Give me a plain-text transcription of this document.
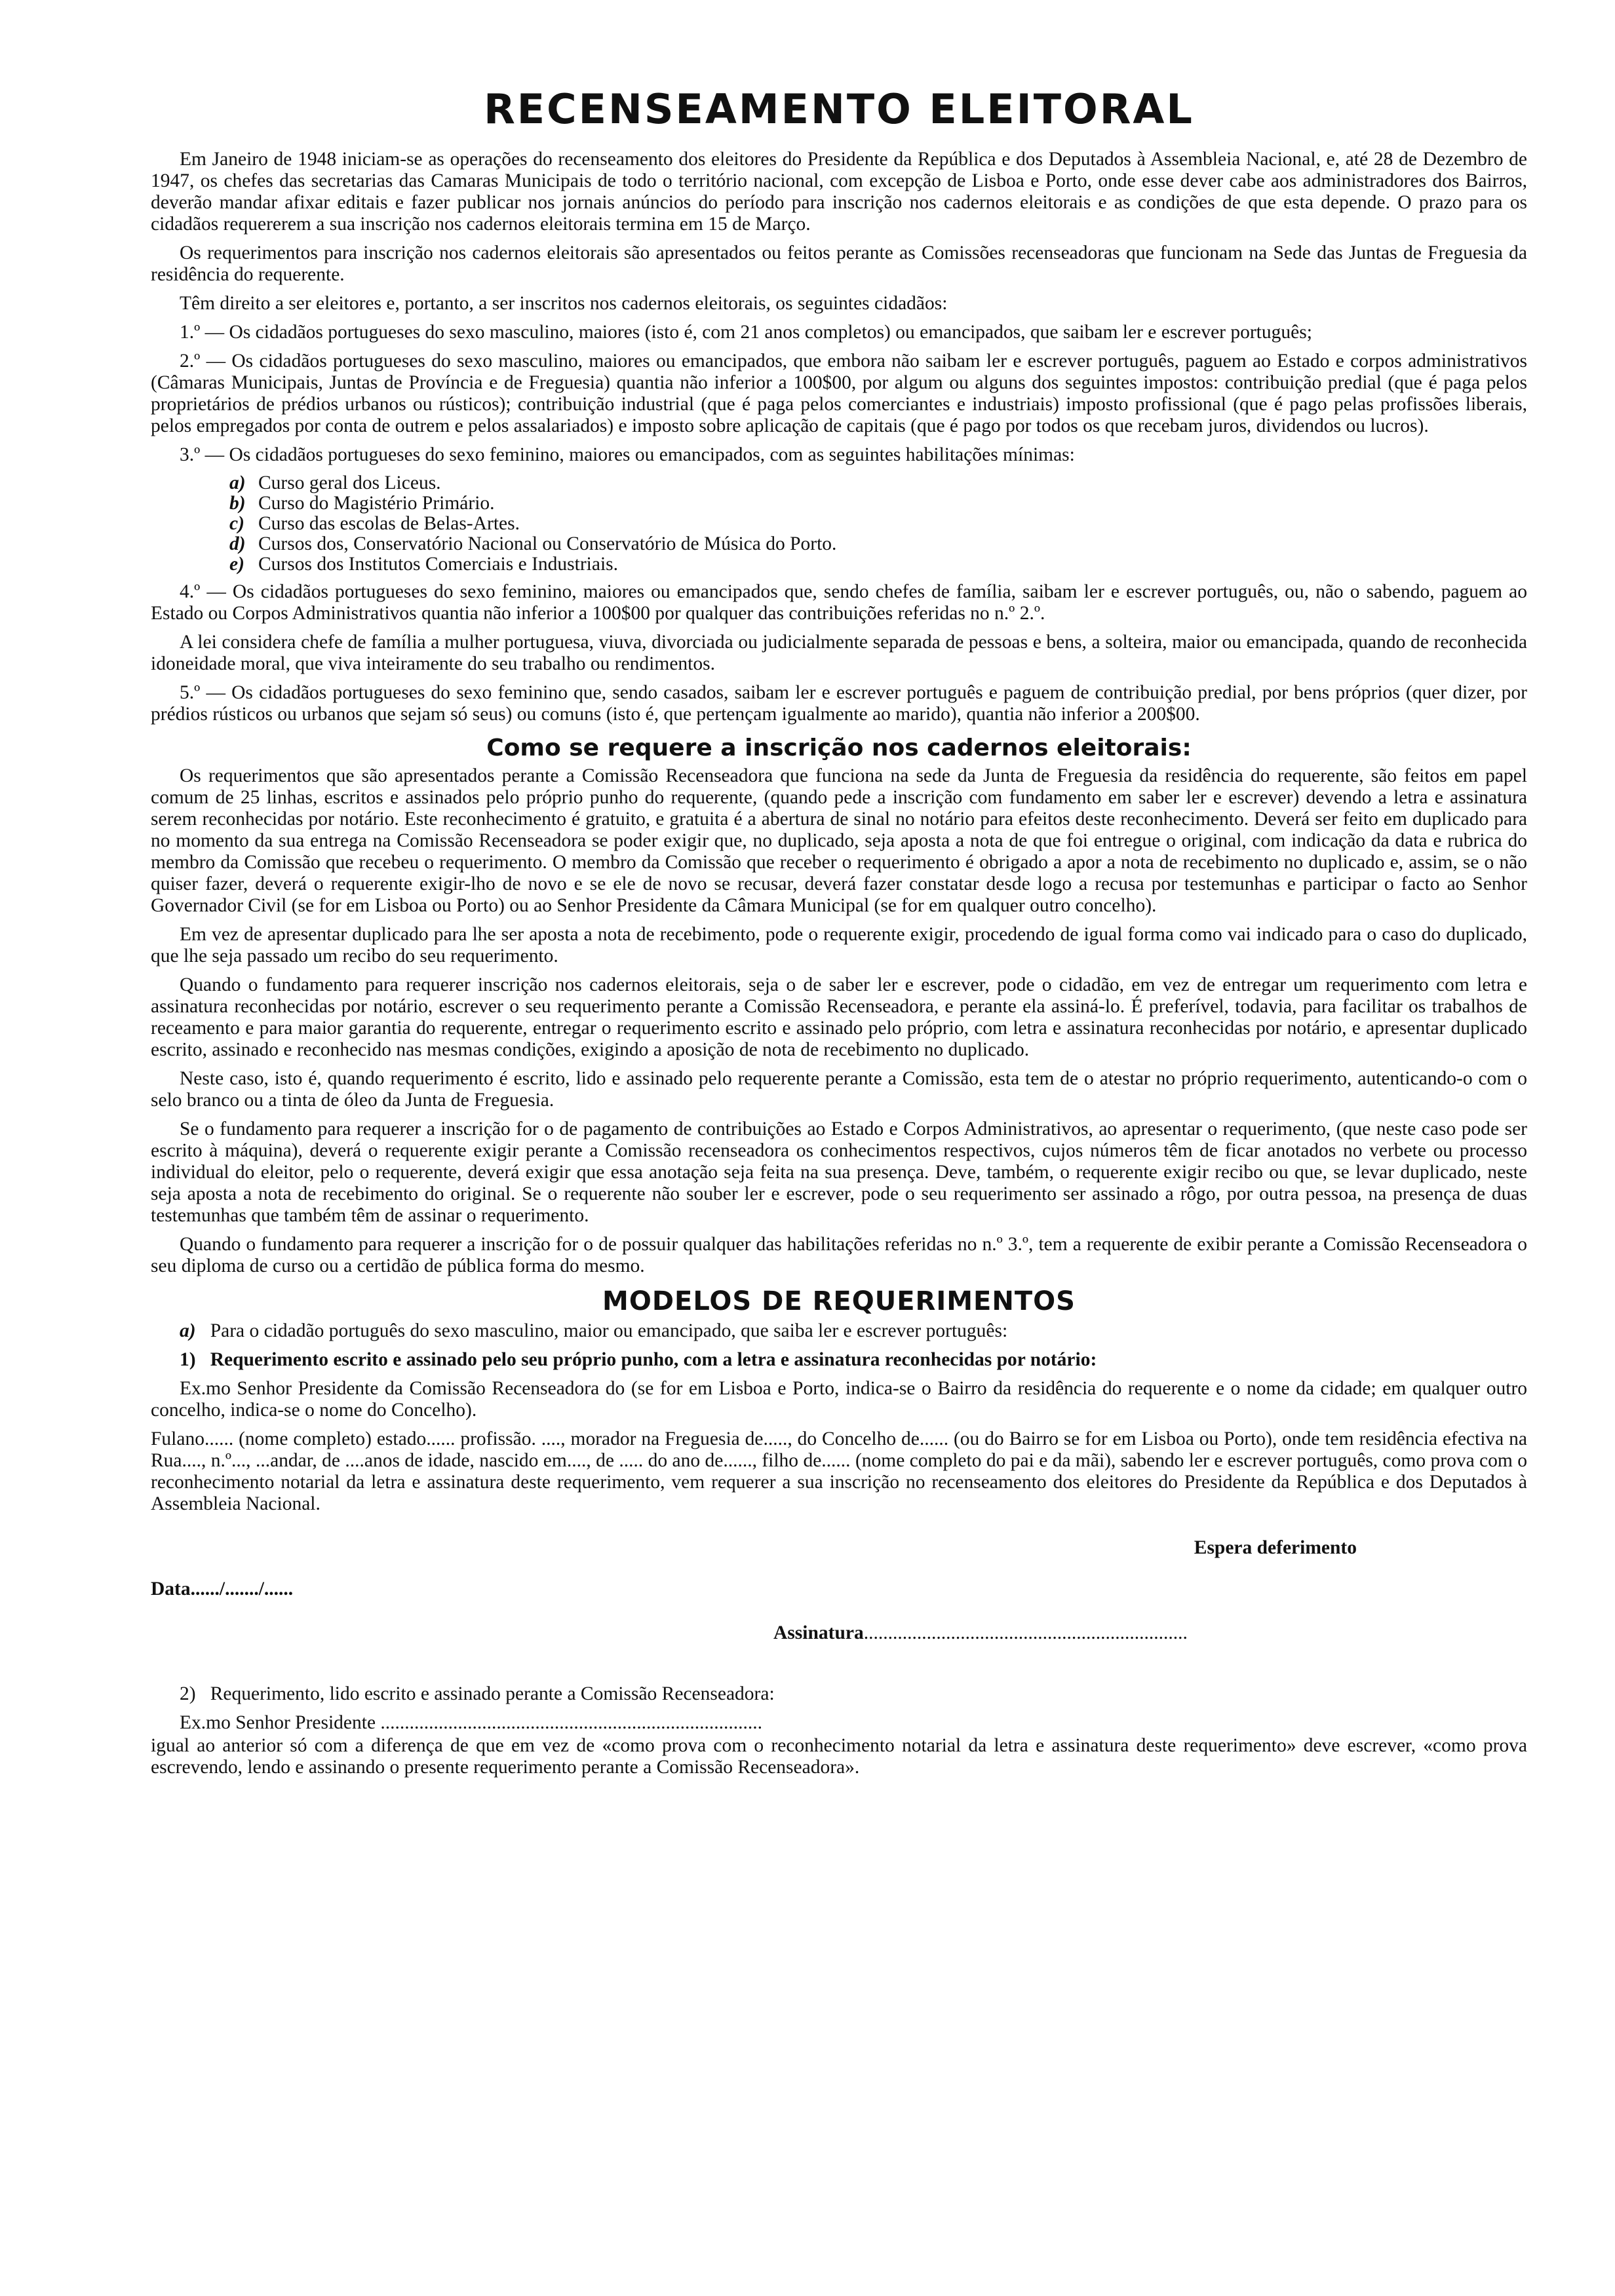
RECENSEAMENTO ELEITORAL

Em Janeiro de 1948 iniciam-se as operações do recenseamento dos eleitores do Presidente da República e dos Deputados à Assembleia Nacional, e, até 28 de Dezembro de 1947, os chefes das secretarias das Camaras Municipais de todo o território nacional, com excepção de Lisboa e Porto, onde esse dever cabe aos administradores dos Bairros, deverão mandar afixar editais e fazer publicar nos jornais anúncios do período para inscrição nos cadernos eleitorais e as condições de que esta depende. O prazo para os cidadãos requererem a sua inscrição nos cadernos eleitorais termina em 15 de Março.

Os requerimentos para inscrição nos cadernos eleitorais são apresentados ou feitos perante as Comissões recenseadoras que funcionam na Sede das Juntas de Freguesia da residência do requerente.

Têm direito a ser eleitores e, portanto, a ser inscritos nos cadernos eleitorais, os seguintes cidadãos:

1.º — Os cidadãos portugueses do sexo masculino, maiores (isto é, com 21 anos completos) ou emancipados, que saibam ler e escrever português;

2.º — Os cidadãos portugueses do sexo masculino, maiores ou emancipados, que embora não saibam ler e escrever português, paguem ao Estado e corpos administrativos (Câmaras Municipais, Juntas de Província e de Freguesia) quantia não inferior a 100$00, por algum ou alguns dos seguintes impostos: contribuição predial (que é paga pelos proprietários de prédios urbanos ou rústicos); contribuição industrial (que é paga pelos comerciantes e industriais) imposto profissional (que é pago pelas profissões liberais, pelos empregados por conta de outrem e pelos assalariados) e imposto sobre aplicação de capitais (que é pago por todos os que recebam juros, dividendos ou lucros).

3.º — Os cidadãos portugueses do sexo feminino, maiores ou emancipados, com as seguintes habilitações mínimas:

a) Curso geral dos Liceus.
b) Curso do Magistério Primário.
c) Curso das escolas de Belas-Artes.
d) Cursos dos, Conservatório Nacional ou Conservatório de Música do Porto.
e) Cursos dos Institutos Comerciais e Industriais.

4.º — Os cidadãos portugueses do sexo feminino, maiores ou emancipados que, sendo chefes de família, saibam ler e escrever português, ou, não o sabendo, paguem ao Estado ou Corpos Administrativos quantia não inferior a 100$00 por qualquer das contribuições referidas no n.º 2.º.

A lei considera chefe de família a mulher portuguesa, viuva, divorciada ou judicialmente separada de pessoas e bens, a solteira, maior ou emancipada, quando de reconhecida idoneidade moral, que viva inteiramente do seu trabalho ou rendimentos.

5.º — Os cidadãos portugueses do sexo feminino que, sendo casados, saibam ler e escrever português e paguem de contribuição predial, por bens próprios (quer dizer, por prédios rústicos ou urbanos que sejam só seus) ou comuns (isto é, que pertençam igualmente ao marido), quantia não inferior a 200$00.

Como se requere a inscrição nos cadernos eleitorais:

Os requerimentos que são apresentados perante a Comissão Recenseadora que funciona na sede da Junta de Freguesia da residência do requerente, são feitos em papel comum de 25 linhas, escritos e assinados pelo próprio punho do requerente, (quando pede a inscrição com fundamento em saber ler e escrever) devendo a letra e assinatura serem reconhecidas por notário. Este reconhecimento é gratuito, e gratuita é a abertura de sinal no notário para efeitos deste reconhecimento. Deverá ser feito em duplicado para no momento da sua entrega na Comissão Recenseadora se poder exigir que, no duplicado, seja aposta a nota de que foi entregue o original, com indicação da data e rubrica do membro da Comissão que recebeu o requerimento. O membro da Comissão que receber o requerimento é obrigado a apor a nota de recebimento no duplicado e, assim, se o não quiser fazer, deverá o requerente exigir-lho de novo e se ele de novo se recusar, deverá fazer constatar desde logo a recusa por testemunhas e participar o facto ao Senhor Governador Civil (se for em Lisboa ou Porto) ou ao Senhor Presidente da Câmara Municipal (se for em qualquer outro concelho).

Em vez de apresentar duplicado para lhe ser aposta a nota de recebimento, pode o requerente exigir, procedendo de igual forma como vai indicado para o caso do duplicado, que lhe seja passado um recibo do seu requerimento.

Quando o fundamento para requerer inscrição nos cadernos eleitorais, seja o de saber ler e escrever, pode o cidadão, em vez de entregar um requerimento com letra e assinatura reconhecidas por notário, escrever o seu requerimento perante a Comissão Recenseadora, e perante ela assiná-lo. É preferível, todavia, para facilitar os trabalhos de receamento e para maior garantia do requerente, entregar o requerimento escrito e assinado pelo próprio, com letra e assinatura reconhecidas por notário, e apresentar duplicado escrito, assinado e reconhecido nas mesmas condições, exigindo a aposição de nota de recebimento no duplicado.

Neste caso, isto é, quando requerimento é escrito, lido e assinado pelo requerente perante a Comissão, esta tem de o atestar no próprio requerimento, autenticando-o com o selo branco ou a tinta de óleo da Junta de Freguesia.

Se o fundamento para requerer a inscrição for o de pagamento de contribuições ao Estado e Corpos Administrativos, ao apresentar o requerimento, (que neste caso pode ser escrito à máquina), deverá o requerente exigir perante a Comissão recenseadora os conhecimentos respectivos, cujos números têm de ficar anotados no verbete ou processo individual do eleitor, pelo o requerente, deverá exigir que essa anotação seja feita na sua presença. Deve, também, o requerente exigir recibo ou que, se levar duplicado, neste seja aposta a nota de recebimento do original. Se o requerente não souber ler e escrever, pode o seu requerimento ser assinado a rôgo, por outra pessoa, na presença de duas testemunhas que também têm de assinar o requerimento.

Quando o fundamento para requerer a inscrição for o de possuir qualquer das habilitações referidas no n.º 3.º, tem a requerente de exibir perante a Comissão Recenseadora o seu diploma de curso ou a certidão de pública forma do mesmo.

MODELOS DE REQUERIMENTOS

a) Para o cidadão português do sexo masculino, maior ou emancipado, que saiba ler e escrever português:

1) Requerimento escrito e assinado pelo seu próprio punho, com a letra e assinatura reconhecidas por notário:

Ex.mo Senhor Presidente da Comissão Recenseadora do (se for em Lisboa e Porto, indica-se o Bairro da residência do requerente e o nome da cidade; em qualquer outro concelho, indica-se o nome do Concelho).

Fulano...... (nome completo) estado...... profissão. ...., morador na Freguesia de....., do Concelho de...... (ou do Bairro se for em Lisboa ou Porto), onde tem residência efectiva na Rua...., n.º..., ...andar, de ....anos de idade, nascido em...., de ..... do ano de......, filho de...... (nome completo do pai e da mãi), sabendo ler e escrever português, como prova com o reconhecimento notarial da letra e assinatura deste requerimento, vem requerer a sua inscrição no recenseamento dos eleitores do Presidente da República e dos Deputados à Assembleia Nacional.

Espera deferimento
Data....../......./......
Assinatura...................................................................

2) Requerimento, lido escrito e assinado perante a Comissão Recenseadora:

Ex.mo Senhor Presidente ...............................................................................

igual ao anterior só com a diferença de que em vez de «como prova com o reconhecimento notarial da letra e assinatura deste requerimento» deve escrever, «como prova escrevendo, lendo e assinando o presente requerimento perante a Comissão Recenseadora».
